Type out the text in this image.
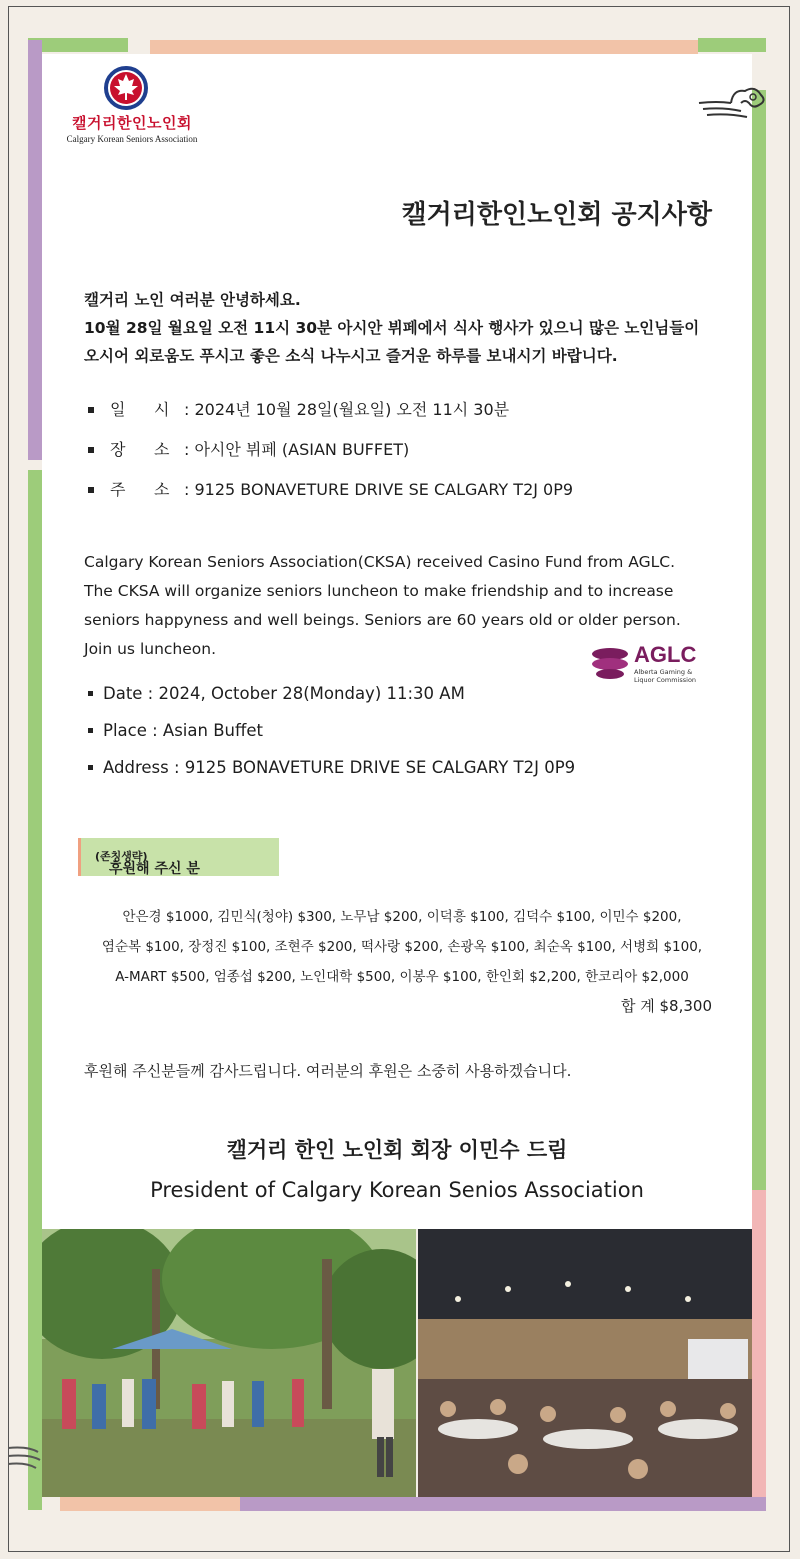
캘거리한인노인회
Calgary Korean Seniors Association
캘거리한인노인회 공지사항

캘거리 노인 여러분 안녕하세요.

10월 28일 월요일 오전 11시 30분 아시안 뷔페에서 식사 행사가 있으니 많은 노인님들이

오시어 외로움도 푸시고 좋은 소식 나누시고 즐거운 하루를 보내시기 바랍니다.

일 시 : 2024년 10월 28일(월요일) 오전 11시 30분
장 소 : 아시안 뷔페 (ASIAN BUFFET)
주 소 : 9125 BONAVETURE DRIVE SE CALGARY T2J 0P9

Calgary Korean Seniors Association(CKSA) received Casino Fund from AGLC.

The CKSA will organize seniors luncheon to make friendship and to increase

seniors happyness and well beings. Seniors are 60 years old or older person.

Join us luncheon.	AGLC
Alberta Gaming &
Liquor Commission
Date : 2024, October 28(Monday) 11:30 AM
Place : Asian Buffet
Address : 9125 BONAVETURE DRIVE SE CALGARY T2J 0P9
후원해 주신 분
(존칭생략)

안은경 $1000, 김민식(청야) $300, 노무남 $200, 이덕흥 $100, 김덕수 $100, 이민수 $200,

염순복 $100, 장정진 $100, 조현주 $200, 떡사랑 $200, 손광옥 $100, 최순옥 $100, 서병희 $100,

A-MART $500, 엄종섭 $200, 노인대학 $500, 이봉우 $100, 한인회 $2,200, 한코리아 $2,000

합 계 $8,300
후원해 주신분들께 감사드립니다. 여러분의 후원은 소중히 사용하겠습니다.
캘거리 한인 노인회 회장 이민수 드림
President of Calgary Korean Senios Association
